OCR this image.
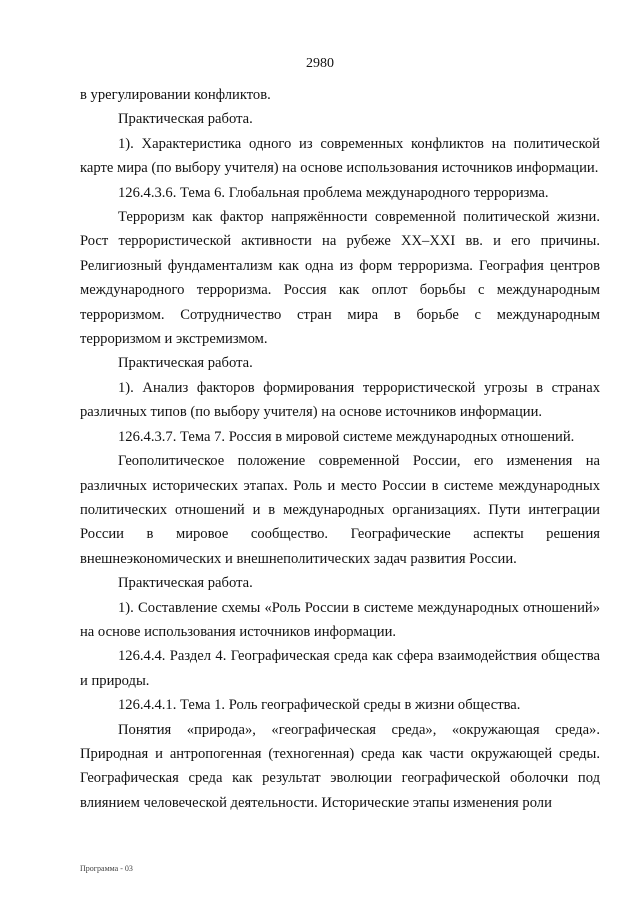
2980

в урегулировании конфликтов.

Практическая работа.

1). Характеристика одного из современных конфликтов на политической карте мира (по выбору учителя) на основе использования источников информации.

126.4.3.6. Тема 6. Глобальная проблема международного терроризма.

Терроризм как фактор напряжённости современной политической жизни. Рост террористической активности на рубеже XX–XXI вв. и его причины. Религиозный фундаментализм как одна из форм терроризма. География центров международного терроризма. Россия как оплот борьбы с международным терроризмом. Сотрудничество стран мира в борьбе с международным терроризмом и экстремизмом.

Практическая работа.

1). Анализ факторов формирования террористической угрозы в странах различных типов (по выбору учителя) на основе источников информации.

126.4.3.7. Тема 7. Россия в мировой системе международных отношений.

Геополитическое положение современной России, его изменения на различных исторических этапах. Роль и место России в системе международных политических отношений и в международных организациях. Пути интеграции России в мировое сообщество. Географические аспекты решения внешнеэкономических и внешнеполитических задач развития России.

Практическая работа.

1). Составление схемы «Роль России в системе международных отношений» на основе использования источников информации.

126.4.4. Раздел 4. Географическая среда как сфера взаимодействия общества и природы.

126.4.4.1. Тема 1. Роль географической среды в жизни общества.

Понятия «природа», «географическая среда», «окружающая среда». Природная и антропогенная (техногенная) среда как части окружающей среды. Географическая среда как результат эволюции географической оболочки под влиянием человеческой деятельности. Исторические этапы изменения роли

Программа - 03
